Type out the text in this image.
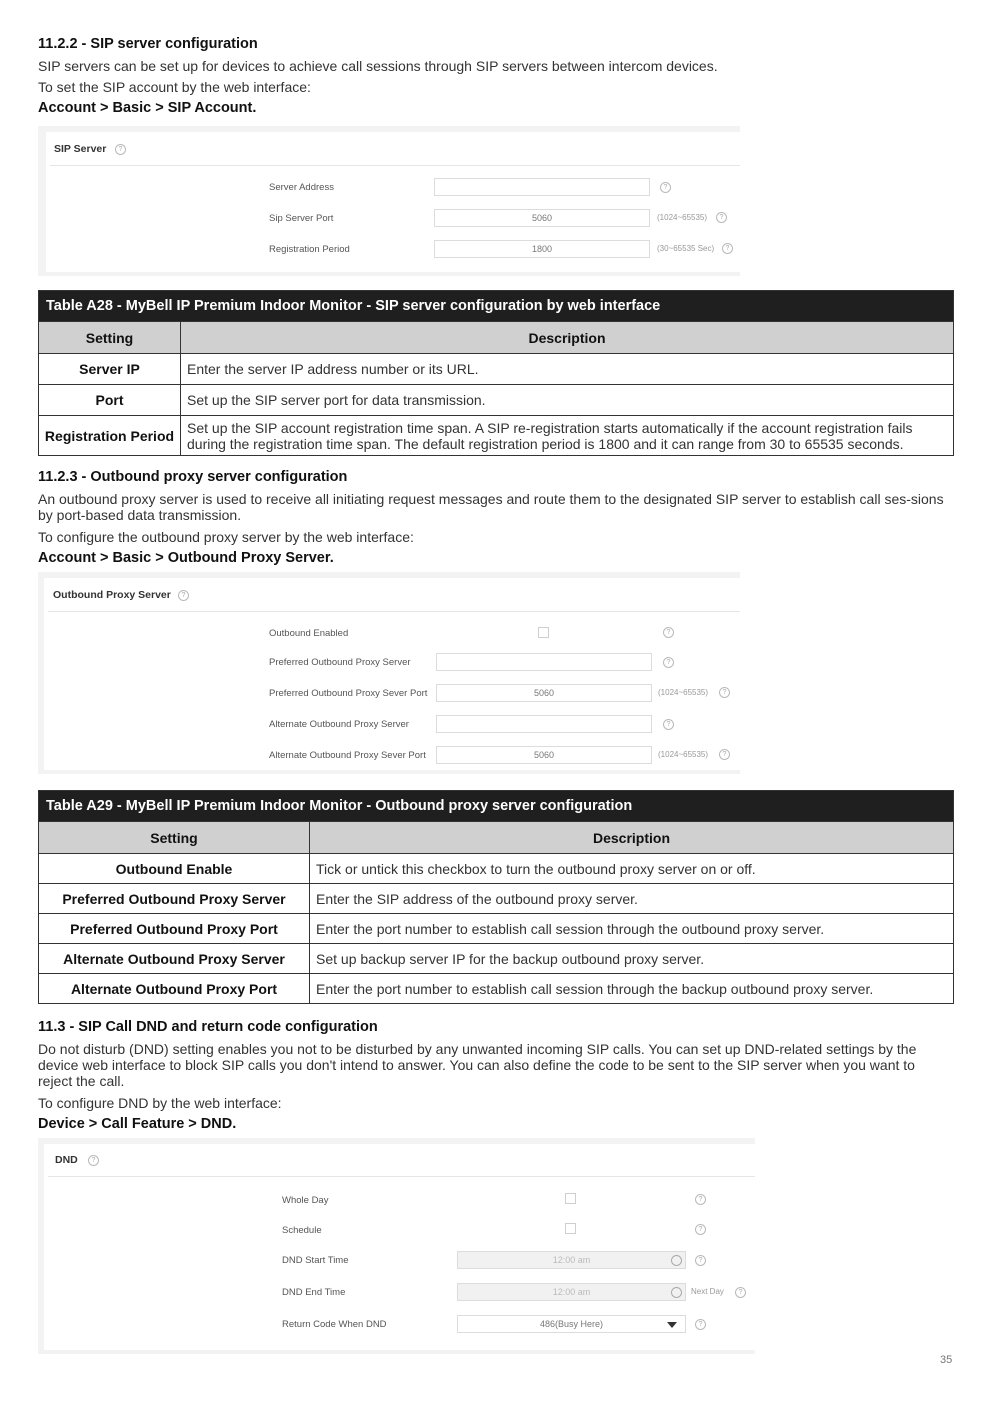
11.2.2 - SIP server configuration
SIP servers can be set up for devices to achieve call sessions through SIP servers between intercom devices.
To set the SIP account by the web interface:
Account > Basic > SIP Account.
SIP Server	?
Server Address	?
Sip Server Port	5060	(1024~65535)	?
Registration Period	1800	(30~65535 Sec)	?
Table A28 - MyBell IP Premium Indoor Monitor - SIP server configuration by web interface	
Setting	Description
Server IP	Enter the server IP address number or its URL.
Port	Set up the SIP server port for data transmission.
Registration Period	Set up the SIP account registration time span. A SIP re-registration starts automatically if the account registration fails during the registration time span. The default registration period is 1800 and it can range from 30 to 65535 seconds.
11.2.3 - Outbound proxy server configuration
An outbound proxy server is used to receive all initiating request messages and route them to the designated SIP server to establish call ses-sions by port-based data transmission.
To configure the outbound proxy server by the web interface:
Account > Basic > Outbound Proxy Server.
Outbound Proxy Server	?
Outbound Enabled	?
Preferred Outbound Proxy Server	?
Preferred Outbound Proxy Sever Port	5060	(1024~65535)	?
Alternate Outbound Proxy Server	?
Alternate Outbound Proxy Sever Port	5060	(1024~65535)	?
Table A29 - MyBell IP Premium Indoor Monitor - Outbound proxy server configuration	
Setting	Description
Outbound Enable	Tick or untick this checkbox to turn the outbound proxy server on or off.
Preferred Outbound Proxy Server	Enter the SIP address of the outbound proxy server.
Preferred Outbound Proxy Port	Enter the port number to establish call session through the outbound proxy server.
Alternate Outbound Proxy Server	Set up backup server IP for the backup outbound proxy server.
Alternate Outbound Proxy Port	Enter the port number to establish call session through the backup outbound proxy server.
11.3 - SIP Call DND and return code configuration
Do not disturb (DND) setting enables you not to be disturbed by any unwanted incoming SIP calls. You can set up DND-related settings by the device web interface to block SIP calls you don't intend to answer. You can also define the code to be sent to the SIP server when you want to reject the call.
To configure DND by the web interface:
Device > Call Feature > DND.
DND	?
Whole Day	?
Schedule	?
DND Start Time	12:00 am	?
DND End Time	12:00 am	Next Day	?
Return Code When DND	486(Busy Here)	?
35
